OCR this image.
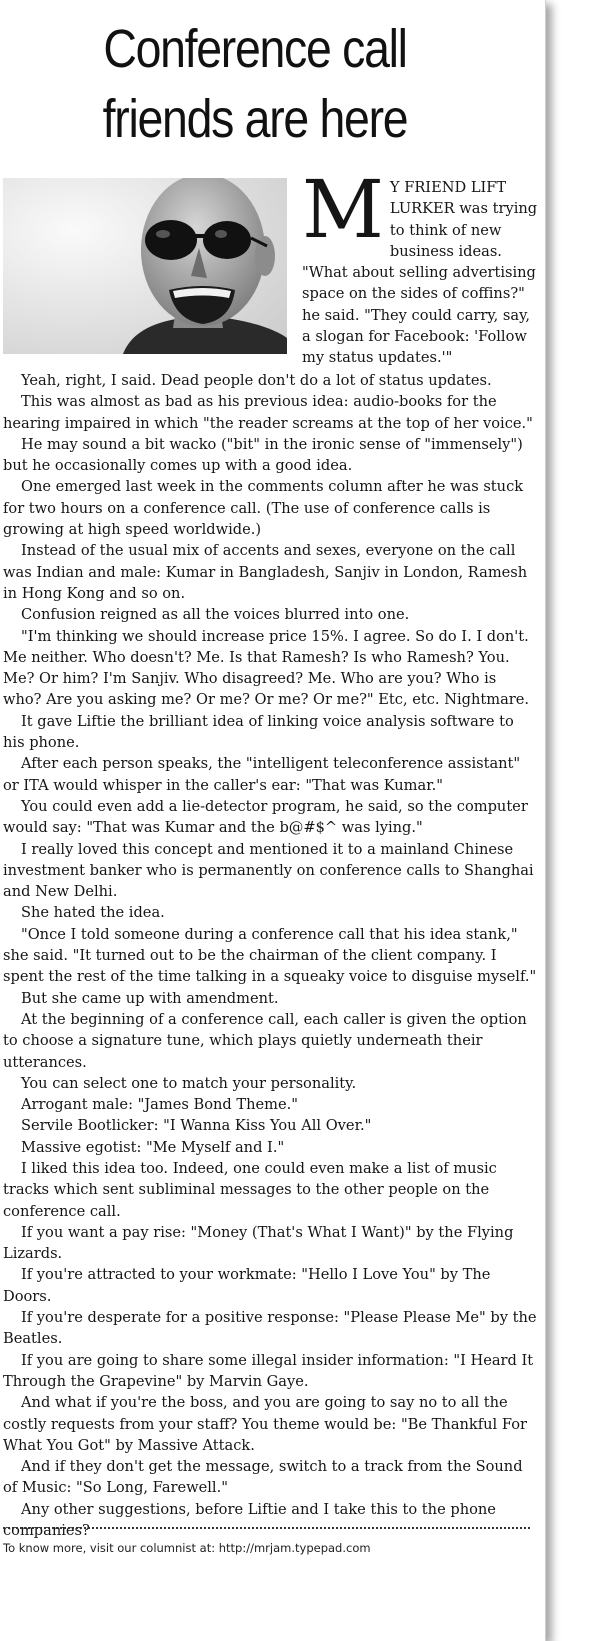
Conference call
friends are here
M Y FRIEND LIFT LURKER was trying to think of new business ideas.

"What about selling advertising space on the sides of coffins?" he said. "They could carry, say, a slogan for Facebook: 'Follow my status updates.'"

Yeah, right, I said. Dead people don't do a lot of status updates.

This was almost as bad as his previous idea: audio-books for the hearing impaired in which "the reader screams at the top of her voice."

He may sound a bit wacko ("bit" in the ironic sense of "immensely") but he occasionally comes up with a good idea.

One emerged last week in the comments column after he was stuck for two hours on a conference call. (The use of conference calls is growing at high speed worldwide.)

Instead of the usual mix of accents and sexes, everyone on the call was Indian and male: Kumar in Bangladesh, Sanjiv in London, Ramesh in Hong Kong and so on.

Confusion reigned as all the voices blurred into one.

"I'm thinking we should increase price 15%. I agree. So do I. I don't. Me neither. Who doesn't? Me. Is that Ramesh? Is who Ramesh? You. Me? Or him? I'm Sanjiv. Who disagreed? Me. Who are you? Who is who? Are you asking me? Or me? Or me? Or me?" Etc, etc. Nightmare.

It gave Liftie the brilliant idea of linking voice analysis software to his phone.

After each person speaks, the "intelligent teleconference assistant" or ITA would whisper in the caller's ear: "That was Kumar."

You could even add a lie-detector program, he said, so the computer would say: "That was Kumar and the b@#$^ was lying."

I really loved this concept and mentioned it to a mainland Chinese investment banker who is permanently on conference calls to Shanghai and New Delhi.

She hated the idea.

"Once I told someone during a conference call that his idea stank," she said. "It turned out to be the chairman of the client company. I spent the rest of the time talking in a squeaky voice to disguise myself."

But she came up with amendment.

At the beginning of a conference call, each caller is given the option to choose a signature tune, which plays quietly underneath their utterances.

You can select one to match your personality.

Arrogant male: "James Bond Theme."

Servile Bootlicker: "I Wanna Kiss You All Over."

Massive egotist: "Me Myself and I."

I liked this idea too. Indeed, one could even make a list of music tracks which sent subliminal messages to the other people on the conference call.

If you want a pay rise: "Money (That's What I Want)" by the Flying Lizards.

If you're attracted to your workmate: "Hello I Love You" by The Doors.

If you're desperate for a positive response: "Please Please Me" by the Beatles.

If you are going to share some illegal insider information: "I Heard It Through the Grapevine" by Marvin Gaye.

And what if you're the boss, and you are going to say no to all the costly requests from your staff? You theme would be: "Be Thankful For What You Got" by Massive Attack.

And if they don't get the message, switch to a track from the Sound of Music: "So Long, Farewell."

Any other suggestions, before Liftie and I take this to the phone companies?

To know more, visit our columnist at: http://mrjam.typepad.com
